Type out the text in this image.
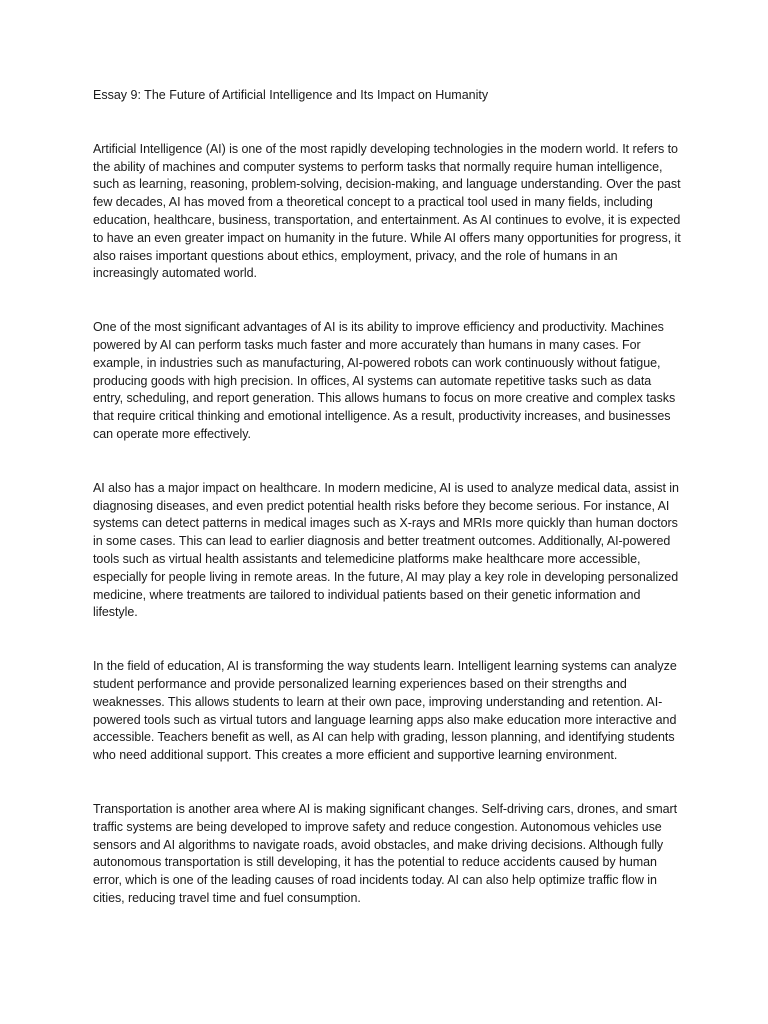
Essay 9: The Future of Artificial Intelligence and Its Impact on Humanity

Artificial Intelligence (AI) is one of the most rapidly developing technologies in the modern world. It refers to the ability of machines and computer systems to perform tasks that normally require human intelligence, such as learning, reasoning, problem-solving, decision-making, and language understanding. Over the past few decades, AI has moved from a theoretical concept to a practical tool used in many fields, including education, healthcare, business, transportation, and entertainment. As AI continues to evolve, it is expected to have an even greater impact on humanity in the future. While AI offers many opportunities for progress, it also raises important questions about ethics, employment, privacy, and the role of humans in an increasingly automated world.

One of the most significant advantages of AI is its ability to improve efficiency and productivity. Machines powered by AI can perform tasks much faster and more accurately than humans in many cases. For example, in industries such as manufacturing, AI-powered robots can work continuously without fatigue, producing goods with high precision. In offices, AI systems can automate repetitive tasks such as data entry, scheduling, and report generation. This allows humans to focus on more creative and complex tasks that require critical thinking and emotional intelligence. As a result, productivity increases, and businesses can operate more effectively.

AI also has a major impact on healthcare. In modern medicine, AI is used to analyze medical data, assist in diagnosing diseases, and even predict potential health risks before they become serious. For instance, AI systems can detect patterns in medical images such as X-rays and MRIs more quickly than human doctors in some cases. This can lead to earlier diagnosis and better treatment outcomes. Additionally, AI-powered tools such as virtual health assistants and telemedicine platforms make healthcare more accessible, especially for people living in remote areas. In the future, AI may play a key role in developing personalized medicine, where treatments are tailored to individual patients based on their genetic information and lifestyle.

In the field of education, AI is transforming the way students learn. Intelligent learning systems can analyze student performance and provide personalized learning experiences based on their strengths and weaknesses. This allows students to learn at their own pace, improving understanding and retention. AI-powered tools such as virtual tutors and language learning apps also make education more interactive and accessible. Teachers benefit as well, as AI can help with grading, lesson planning, and identifying students who need additional support. This creates a more efficient and supportive learning environment.

Transportation is another area where AI is making significant changes. Self-driving cars, drones, and smart traffic systems are being developed to improve safety and reduce congestion. Autonomous vehicles use sensors and AI algorithms to navigate roads, avoid obstacles, and make driving decisions. Although fully autonomous transportation is still developing, it has the potential to reduce accidents caused by human error, which is one of the leading causes of road incidents today. AI can also help optimize traffic flow in cities, reducing travel time and fuel consumption.
